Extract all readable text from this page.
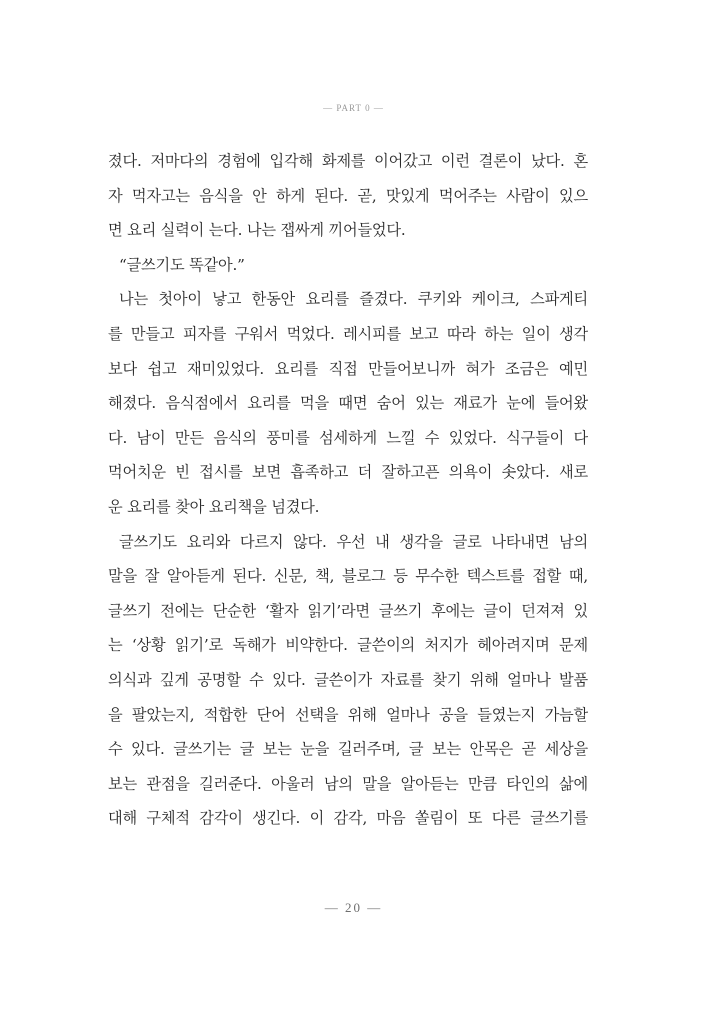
— PART 0 —
졌다. 저마다의 경험에 입각해 화제를 이어갔고 이런 결론이 났다. 혼
자 먹자고는 음식을 안 하게 된다. 곧, 맛있게 먹어주는 사람이 있으
면 요리 실력이 는다. 나는 잽싸게 끼어들었다.
“글쓰기도 똑같아.”
나는 첫아이 낳고 한동안 요리를 즐겼다. 쿠키와 케이크, 스파게티
를 만들고 피자를 구워서 먹었다. 레시피를 보고 따라 하는 일이 생각
보다 쉽고 재미있었다. 요리를 직접 만들어보니까 혀가 조금은 예민
해졌다. 음식점에서 요리를 먹을 때면 숨어 있는 재료가 눈에 들어왔
다. 남이 만든 음식의 풍미를 섬세하게 느낄 수 있었다. 식구들이 다
먹어치운 빈 접시를 보면 흡족하고 더 잘하고픈 의욕이 솟았다. 새로
운 요리를 찾아 요리책을 넘겼다.
글쓰기도 요리와 다르지 않다. 우선 내 생각을 글로 나타내면 남의
말을 잘 알아듣게 된다. 신문, 책, 블로그 등 무수한 텍스트를 접할 때,
글쓰기 전에는 단순한 ‘활자 읽기’라면 글쓰기 후에는 글이 던져져 있
는 ‘상황 읽기’로 독해가 비약한다. 글쓴이의 처지가 헤아려지며 문제
의식과 깊게 공명할 수 있다. 글쓴이가 자료를 찾기 위해 얼마나 발품
을 팔았는지, 적합한 단어 선택을 위해 얼마나 공을 들였는지 가늠할
수 있다. 글쓰기는 글 보는 눈을 길러주며, 글 보는 안목은 곧 세상을
보는 관점을 길러준다. 아울러 남의 말을 알아듣는 만큼 타인의 삶에
대해 구체적 감각이 생긴다. 이 감각, 마음 쏠림이 또 다른 글쓰기를
— 20 —
